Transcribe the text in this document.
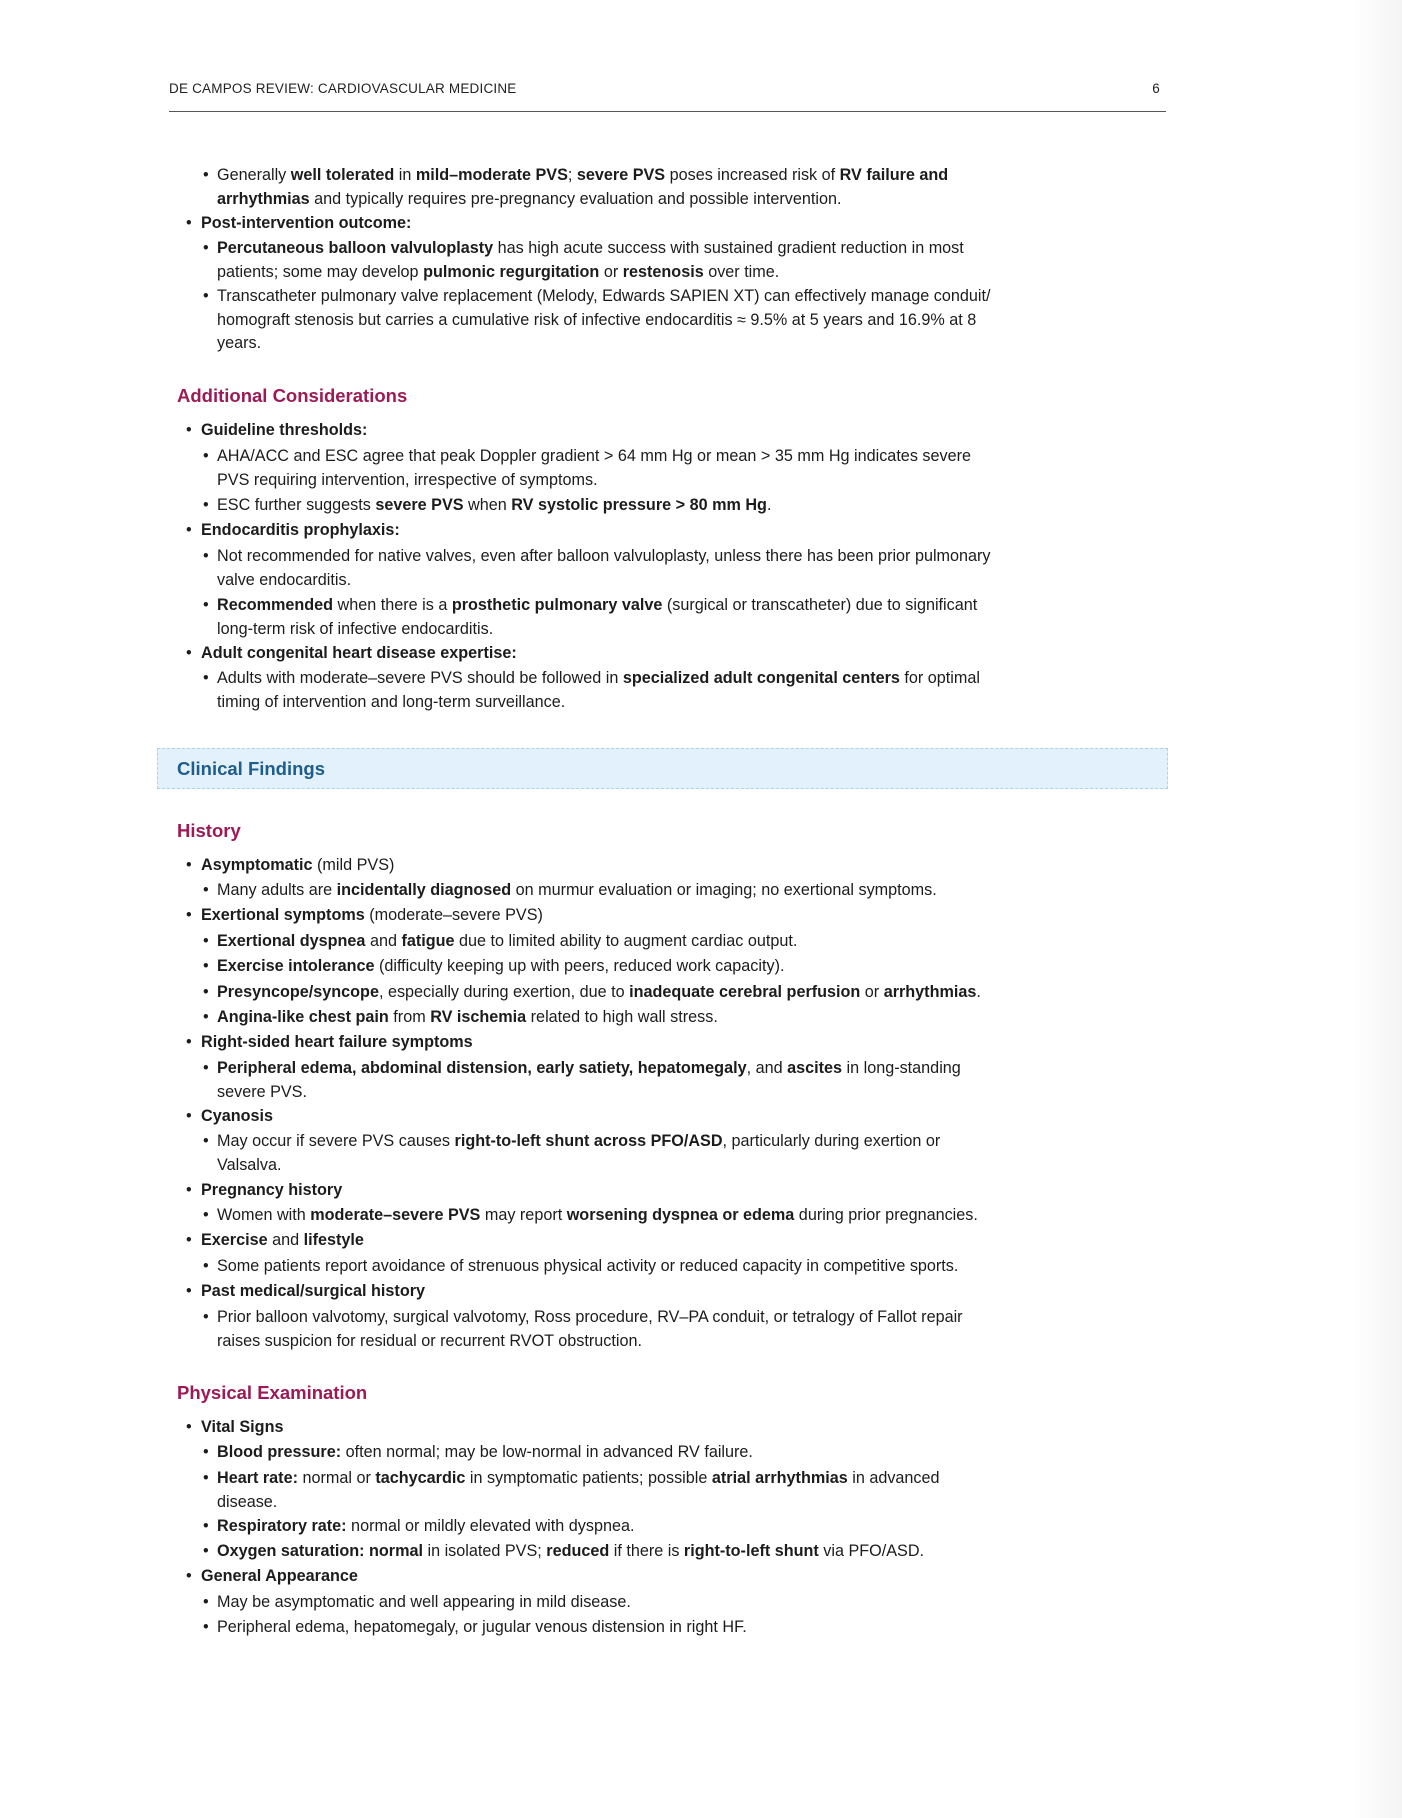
DE CAMPOS REVIEW: CARDIOVASCULAR MEDICINE	6
• Generally well tolerated in mild–moderate PVS; severe PVS poses increased risk of RV failure and arrhythmias and typically requires pre-pregnancy evaluation and possible intervention.
• Post-intervention outcome:
• Percutaneous balloon valvuloplasty has high acute success with sustained gradient reduction in most patients; some may develop pulmonic regurgitation or restenosis over time.
• Transcatheter pulmonary valve replacement (Melody, Edwards SAPIEN XT) can effectively manage conduit/ homograft stenosis but carries a cumulative risk of infective endocarditis ≈ 9.5% at 5 years and 16.9% at 8 years.
Additional Considerations
• Guideline thresholds:
• AHA/ACC and ESC agree that peak Doppler gradient > 64 mm Hg or mean > 35 mm Hg indicates severe PVS requiring intervention, irrespective of symptoms.
• ESC further suggests severe PVS when RV systolic pressure > 80 mm Hg.
• Endocarditis prophylaxis:
• Not recommended for native valves, even after balloon valvuloplasty, unless there has been prior pulmonary valve endocarditis.
• Recommended when there is a prosthetic pulmonary valve (surgical or transcatheter) due to significant long-term risk of infective endocarditis.
• Adult congenital heart disease expertise:
• Adults with moderate–severe PVS should be followed in specialized adult congenital centers for optimal timing of intervention and long-term surveillance.
Clinical Findings
History
• Asymptomatic (mild PVS)
• Many adults are incidentally diagnosed on murmur evaluation or imaging; no exertional symptoms.
• Exertional symptoms (moderate–severe PVS)
• Exertional dyspnea and fatigue due to limited ability to augment cardiac output.
• Exercise intolerance (difficulty keeping up with peers, reduced work capacity).
• Presyncope/syncope, especially during exertion, due to inadequate cerebral perfusion or arrhythmias.
• Angina-like chest pain from RV ischemia related to high wall stress.
• Right-sided heart failure symptoms
• Peripheral edema, abdominal distension, early satiety, hepatomegaly, and ascites in long-standing severe PVS.
• Cyanosis
• May occur if severe PVS causes right-to-left shunt across PFO/ASD, particularly during exertion or Valsalva.
• Pregnancy history
• Women with moderate–severe PVS may report worsening dyspnea or edema during prior pregnancies.
• Exercise and lifestyle
• Some patients report avoidance of strenuous physical activity or reduced capacity in competitive sports.
• Past medical/surgical history
• Prior balloon valvotomy, surgical valvotomy, Ross procedure, RV–PA conduit, or tetralogy of Fallot repair raises suspicion for residual or recurrent RVOT obstruction.
Physical Examination
• Vital Signs
• Blood pressure: often normal; may be low-normal in advanced RV failure.
• Heart rate: normal or tachycardic in symptomatic patients; possible atrial arrhythmias in advanced disease.
• Respiratory rate: normal or mildly elevated with dyspnea.
• Oxygen saturation: normal in isolated PVS; reduced if there is right-to-left shunt via PFO/ASD.
• General Appearance
• May be asymptomatic and well appearing in mild disease.
• Peripheral edema, hepatomegaly, or jugular venous distension in right HF.
